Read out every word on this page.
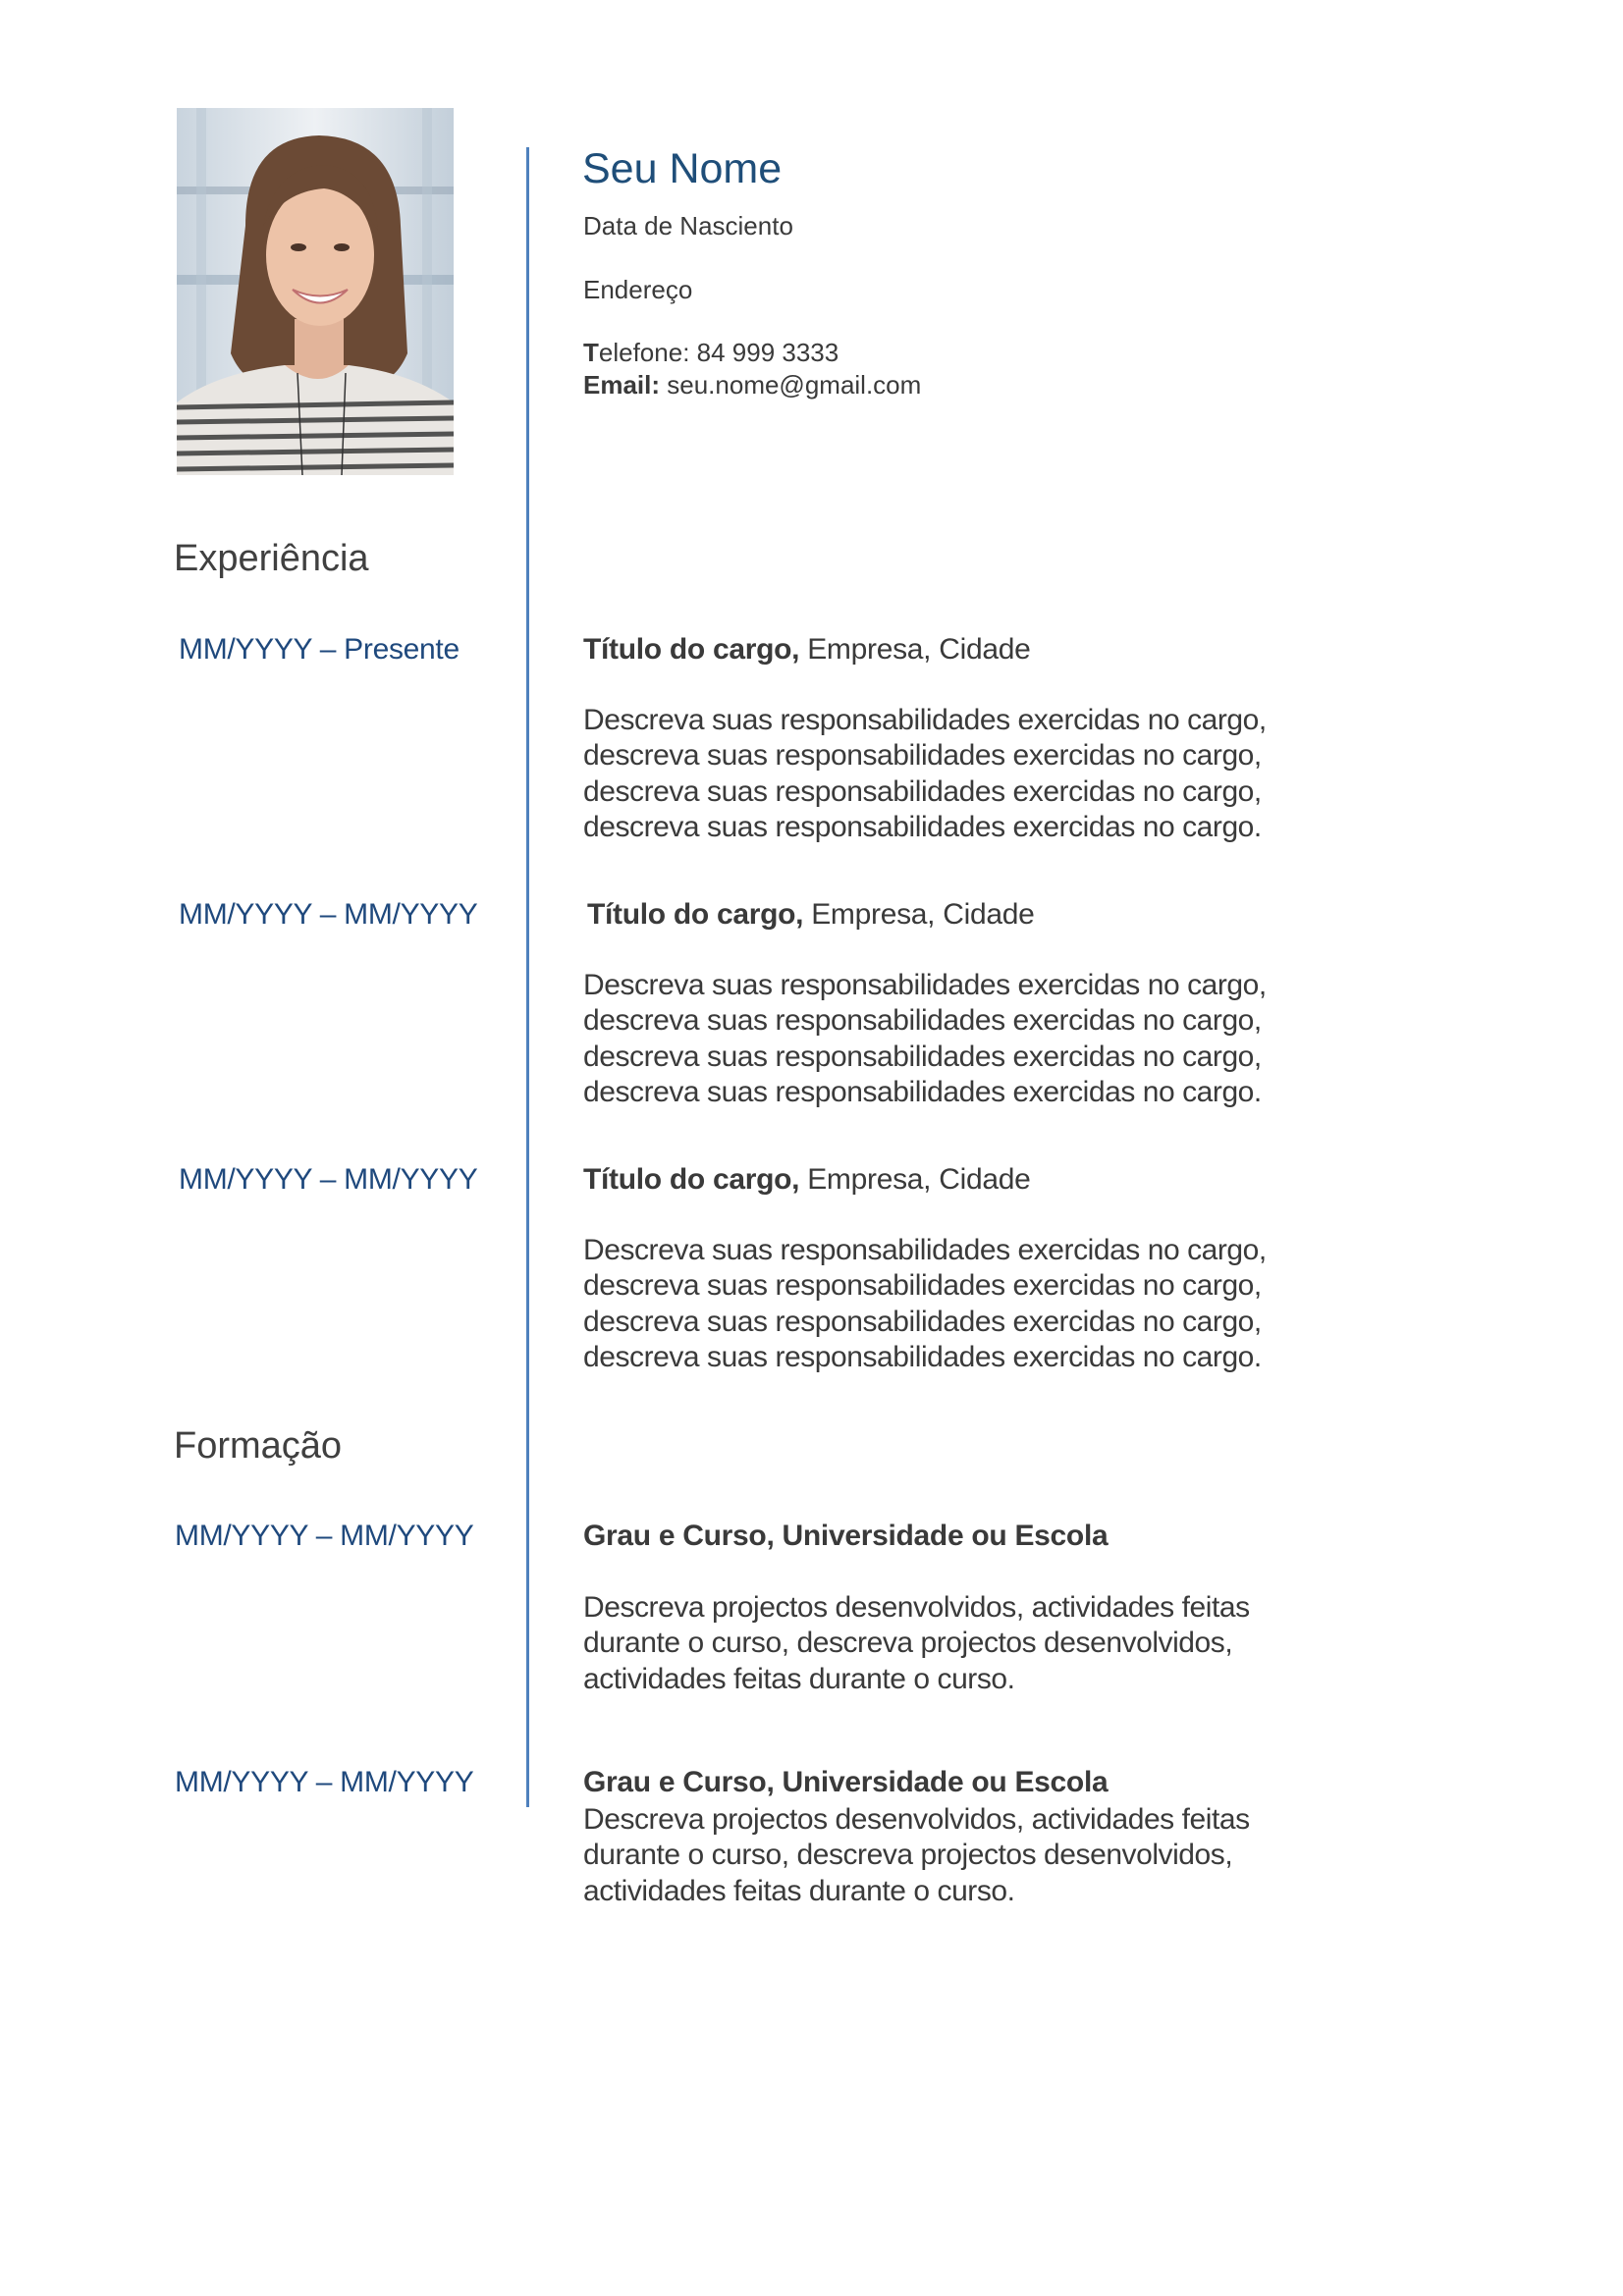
Seu Nome
Data de Nasciento
Endereço
Telefone: 84 999 3333
Email: seu.nome@gmail.com
Experiência
MM/YYYY – Presente	Título do cargo, Empresa, Cidade
Descreva suas responsabilidades exercidas no cargo,
descreva suas responsabilidades exercidas no cargo,
descreva suas responsabilidades exercidas no cargo,
descreva suas responsabilidades exercidas no cargo.
MM/YYYY – MM/YYYY	Título do cargo, Empresa, Cidade
Descreva suas responsabilidades exercidas no cargo,
descreva suas responsabilidades exercidas no cargo,
descreva suas responsabilidades exercidas no cargo,
descreva suas responsabilidades exercidas no cargo.
MM/YYYY – MM/YYYY	Título do cargo, Empresa, Cidade
Descreva suas responsabilidades exercidas no cargo,
descreva suas responsabilidades exercidas no cargo,
descreva suas responsabilidades exercidas no cargo,
descreva suas responsabilidades exercidas no cargo.
Formação
MM/YYYY – MM/YYYY	Grau e Curso, Universidade ou Escola
Descreva projectos desenvolvidos, actividades feitas
durante o curso, descreva projectos desenvolvidos,
actividades feitas durante o curso.
MM/YYYY – MM/YYYY	Grau e Curso, Universidade ou Escola
Descreva projectos desenvolvidos, actividades feitas
durante o curso, descreva projectos desenvolvidos,
actividades feitas durante o curso.
